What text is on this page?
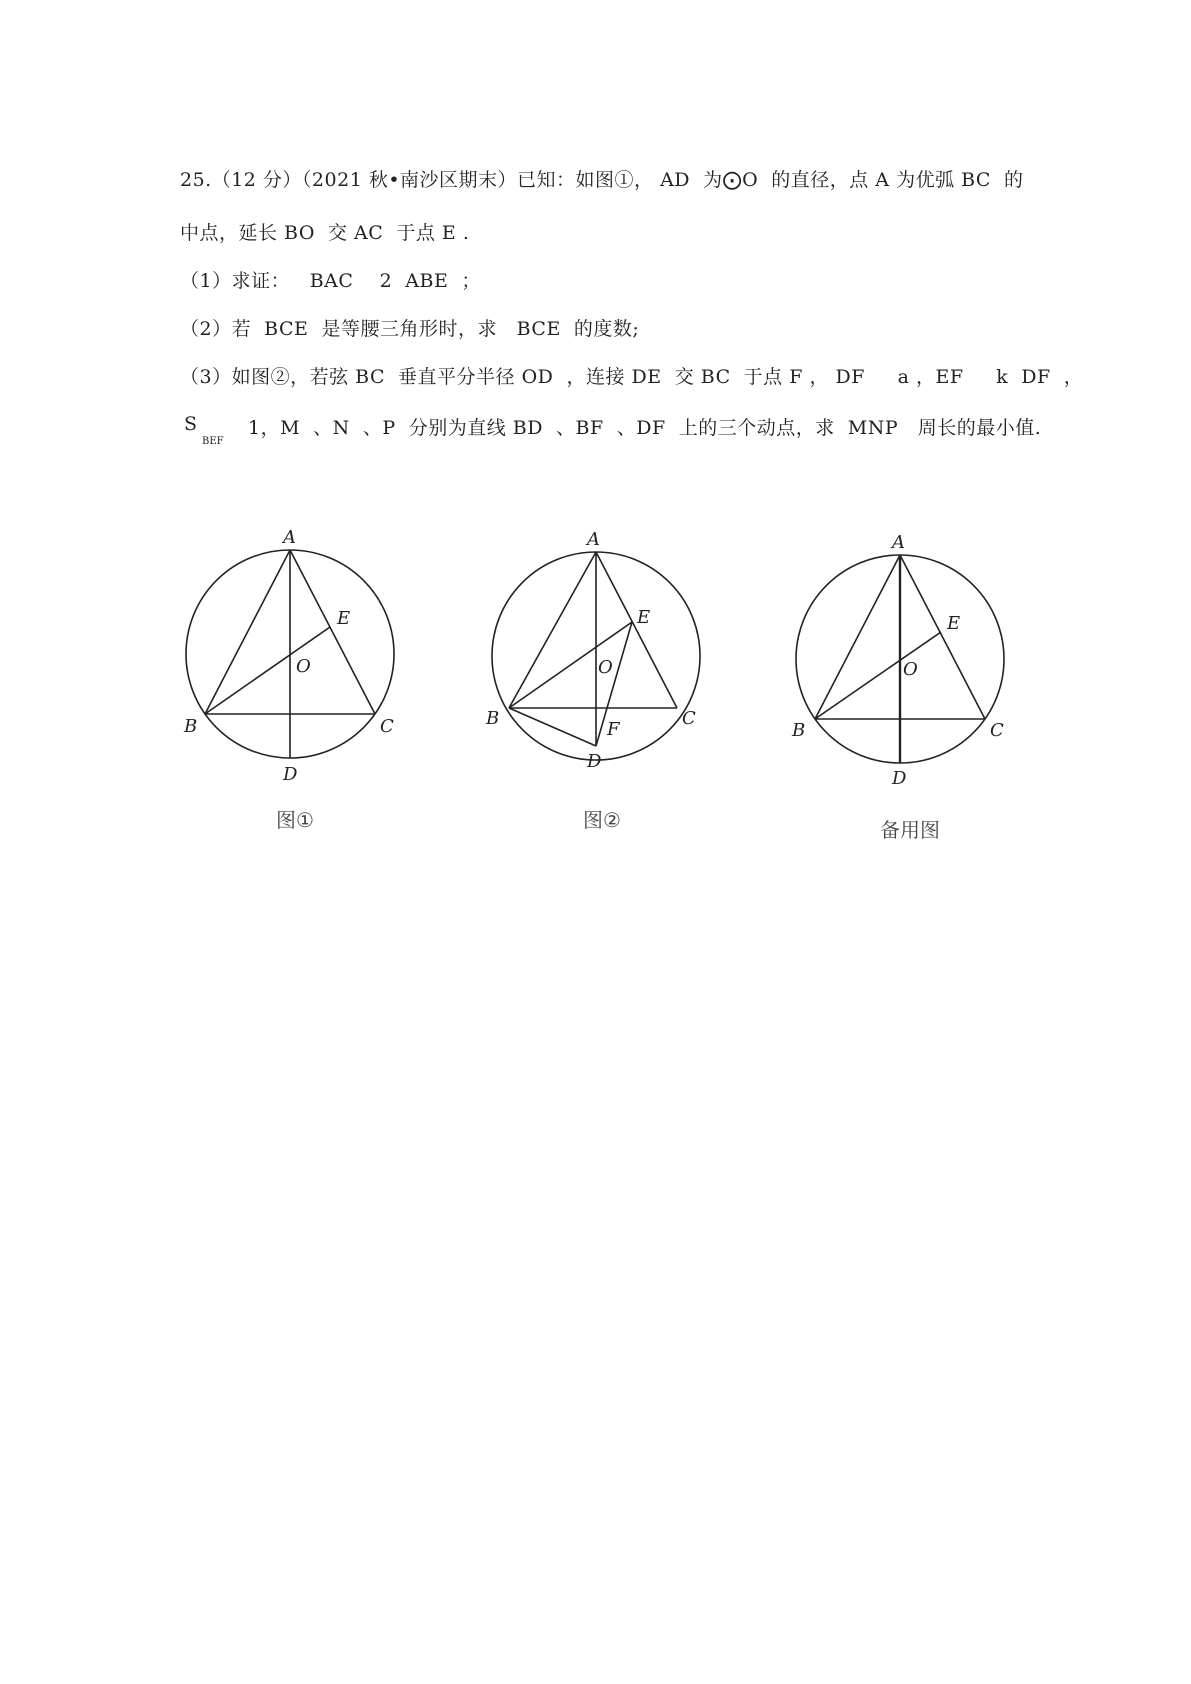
25.（12 分）（2021 秋•南沙区期末）已知：如图①， AD  为⨀O  的直径，点 A 为优弧 BC  的
中点，延长 BO  交 AC  于点 E .
（1）求证：   BAC    2  ABE  ；
（2）若  BCE  是等腰三角形时，求   BCE  的度数;
（3）如图②，若弦 BC  垂直平分半径 OD  ，连接 DE  交 BC  于点 F ， DF     a ，EF     k  DF  ，
S
BEF
1，M  、N  、P  分别为直线 BD  、BF  、DF  上的三个动点，求  MNP   周长的最小值.
A
B	C
D
E
O
图①
A
B	C
D
E
F
O
图②
A
B	C
D
E
O
备用图
